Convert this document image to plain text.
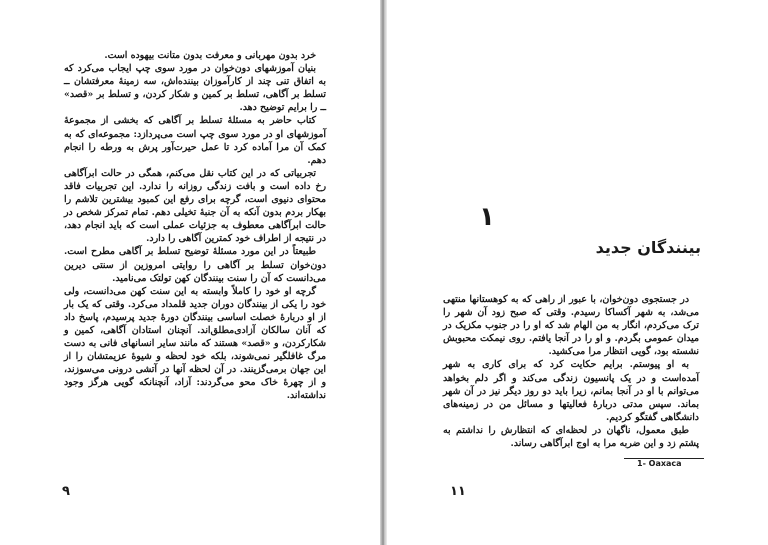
خرد بدون مهربانی و معرفت بدون متانت بیهوده است.

بنیان آموزشهای دون‌خوان در مورد سوی چپ ایجاب می‌کرد که به اتفاق تنی چند از کارآموزان بیننده‌اش، سه زمینهٔ معرفتشان ــ تسلط بر آگاهی، تسلط بر کمین و شکار کردن، و تسلط بر «قصد» ــ را برایم توضیح دهد.

کتاب حاضر به مسئلهٔ تسلط بر آگاهی که بخشی از مجموعهٔ آموزشهای او در مورد سوی چپ است می‌پردازد: مجموعه‌ای که به کمک آن مرا آماده کرد تا عمل حیرت‌آور پرش به ورطه را انجام دهم.

تجربیاتی که در این کتاب نقل می‌کنم، همگی در حالت ابرآگاهی رخ داده است و بافت زندگی روزانه را ندارد. این تجربیات فاقد محتوای دنیوی است، گرچه برای رفع این کمبود بیشترین تلاشم را بهکار بردم بدون آنکه به آن جنبهٔ تخیلی دهم. تمام تمرکز شخص در حالت ابرآگاهی معطوف به جزئیات عملی است که باید انجام دهد، در نتیجه از اطراف خود کمترین آگاهی را دارد.

طبیعتاً در این مورد مسئلهٔ توضیح تسلط بر آگاهی مطرح است. دون‌خوان تسلط بر آگاهی را روایتی امروزین از سنتی دیرین می‌دانست که آن را سنت بینندگان کهن تولتک می‌نامید.

گرچه او خود را کاملاً وابسته به این سنت کهن می‌دانست، ولی خود را یکی از بینندگان دوران جدید قلمداد می‌کرد. وقتی که یک بار از او دربارهٔ خصلت اساسی بینندگان دورهٔ جدید پرسیدم، پاسخ داد که آنان سالکان آزادی‌مطلق‌اند. آنچنان استادان آگاهی، کمین و شکارکردن، و «قصد» هستند که مانند سایر انسانهای فانی به دست مرگ غافلگیر نمی‌شوند، بلکه خود لحظه و شیوهٔ عزیمتشان را از این جهان برمی‌گزینند. در آن لحظه آنها در آتشی درونی می‌سوزند، و از چهرهٔ خاک محو می‌گردند: آزاد، آنچنانکه گویی هرگز وجود نداشته‌اند.

۹
۱
بینندگان جدید

در جستجوی دون‌خوان، با عبور از راهی که به کوهستانها منتهی می‌شد، به شهر آکساکا رسیدم. وقتی که صبح زود آن شهر را ترک می‌کردم، انگار به من الهام شد که او را در جنوب مکزیک در میدان عمومی بگردم. و او را در آنجا یافتم. روی نیمکت محبوبش نشسته بود، گویی انتظار مرا می‌کشید.

به او پیوستم. برایم حکایت کرد که برای کاری به شهر آمده‌است و در یک پانسیون زندگی می‌کند و اگر دلم بخواهد می‌توانم با او در آنجا بمانم، زیرا باید دو روز دیگر نیز در آن شهر بماند. سپس مدتی دربارهٔ فعالیتها و مسائل من در زمینه‌های دانشگاهی گفتگو کردیم.

طبق معمول، ناگهان در لحظه‌ای که انتظارش را نداشتم به پشتم زد و این ضربه مرا به اوج ابرآگاهی رساند.

1- Oaxaca
۱۱
